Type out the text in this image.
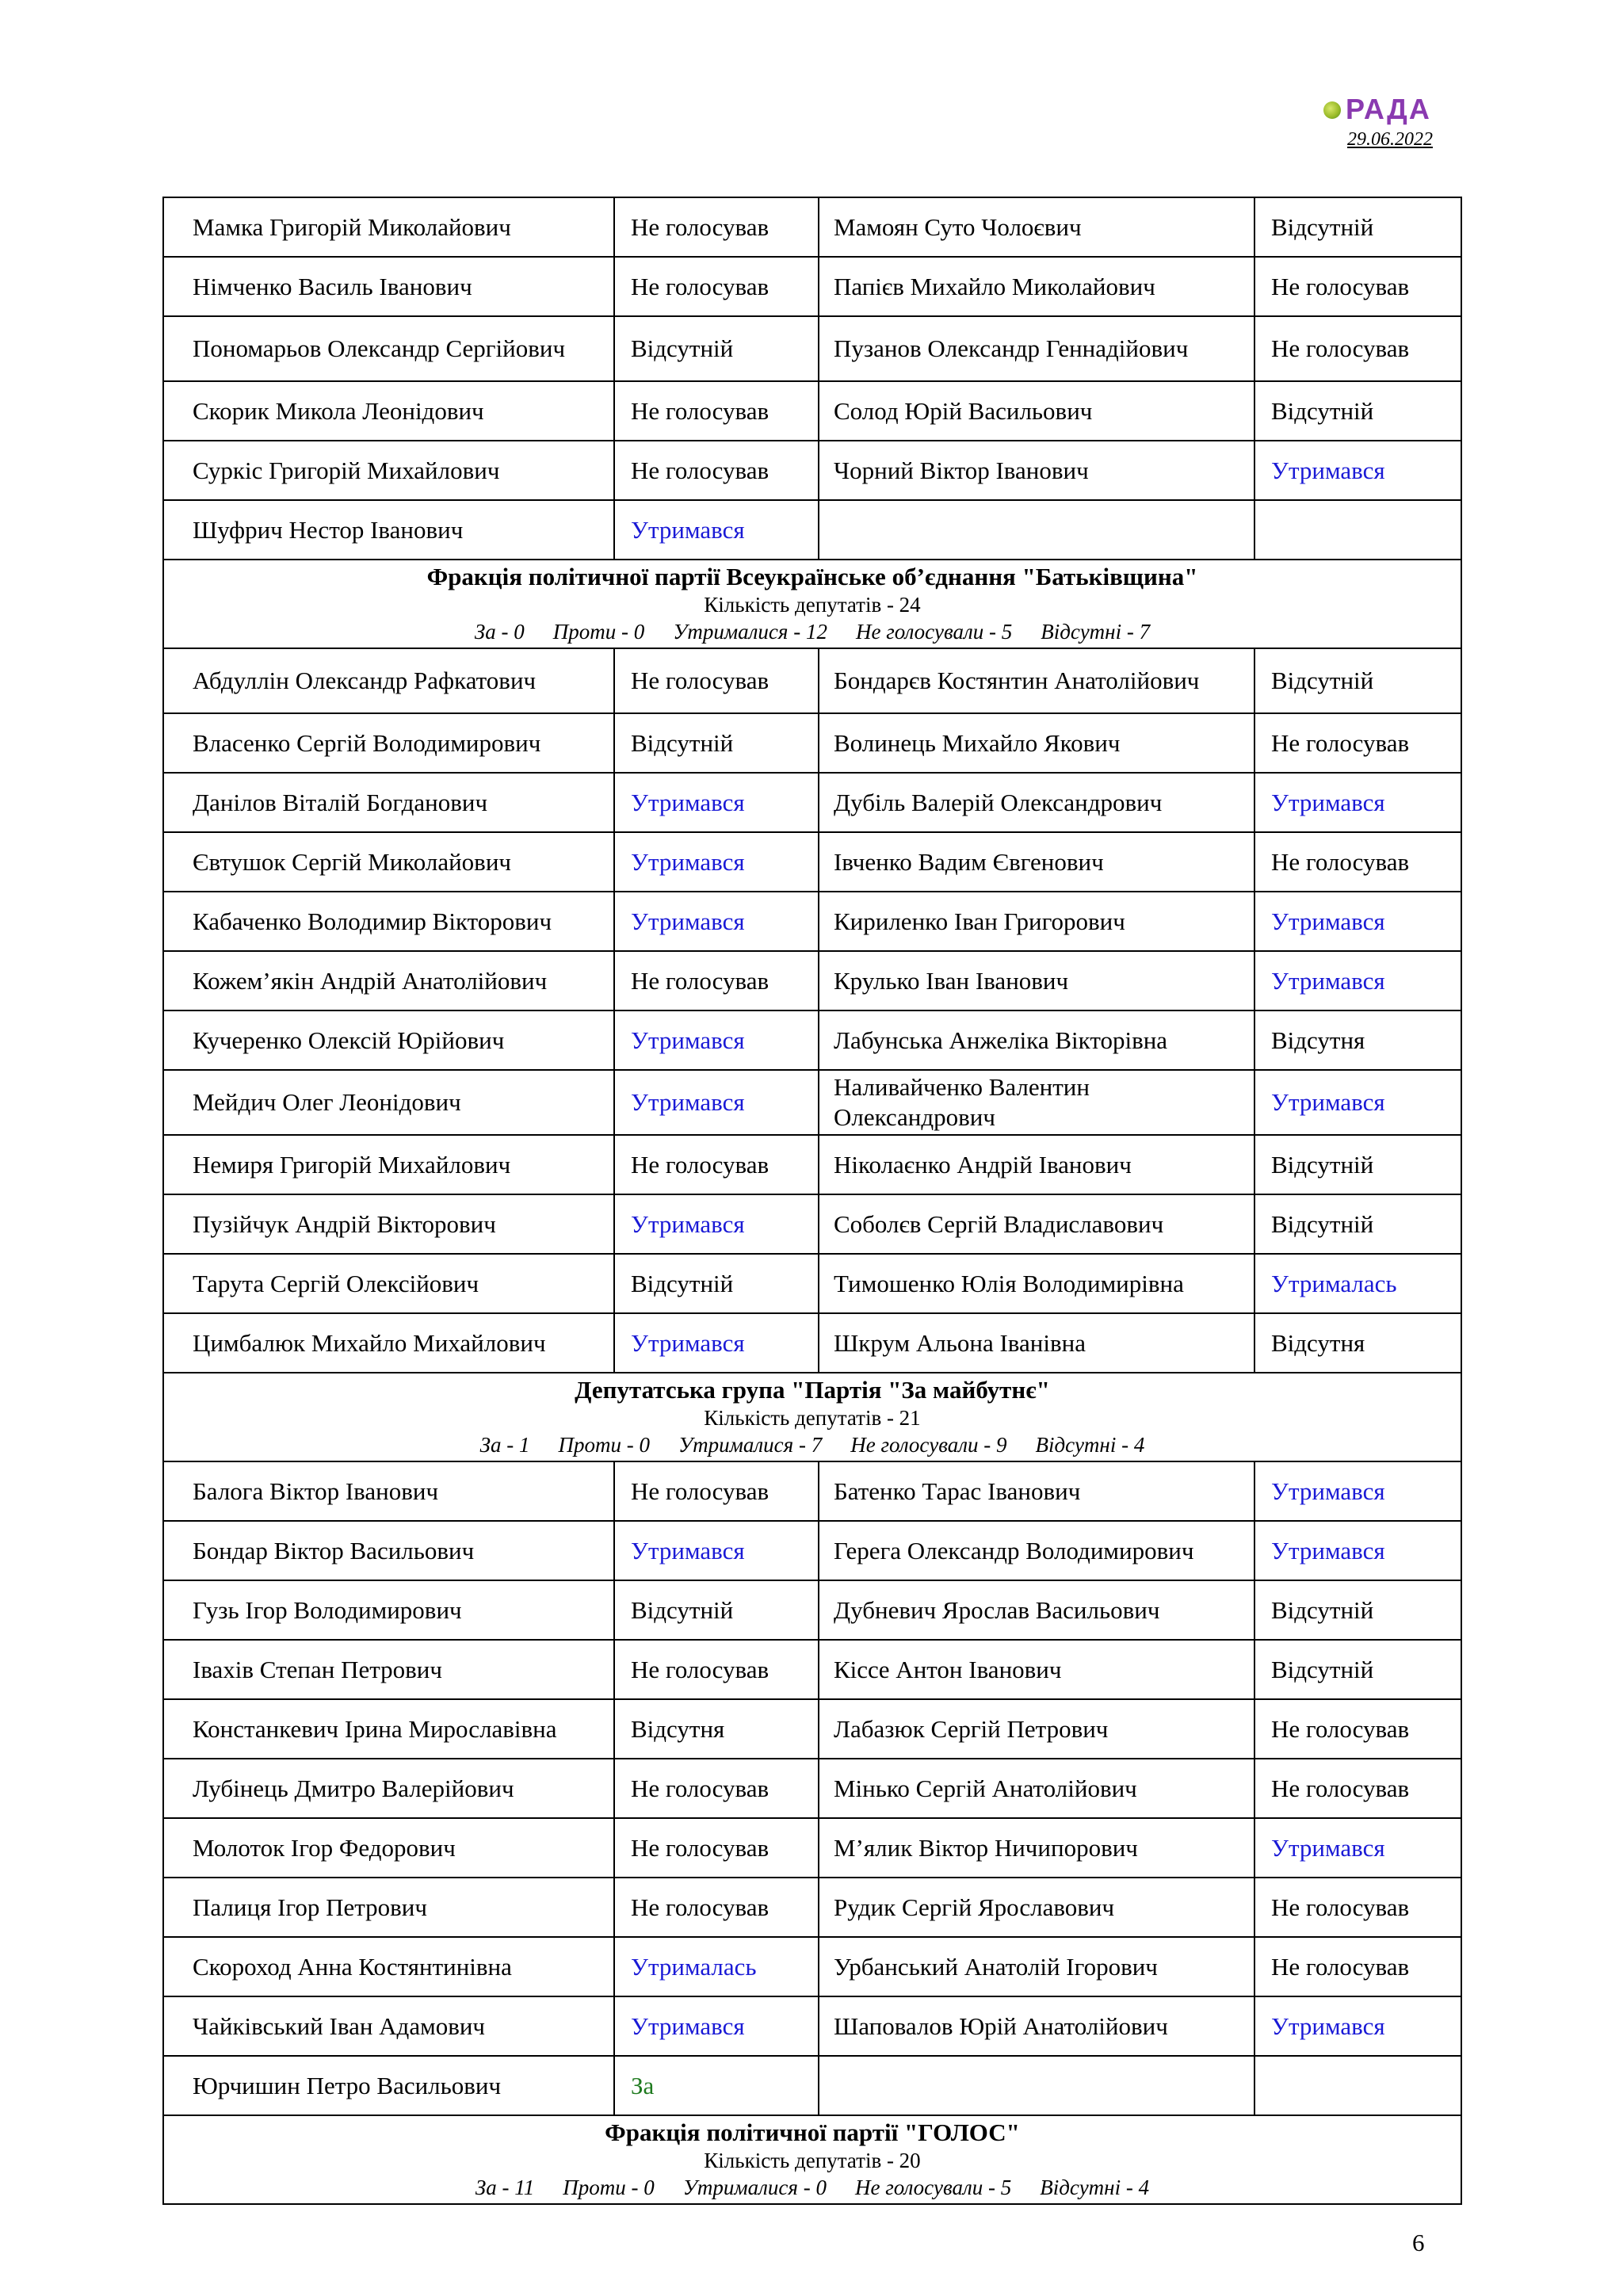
РАДА
29.06.2022
Мамка Григорій Миколайович	Не голосував	Мамоян Суто Чолоєвич	Відсутній

Німченко Василь Іванович	Не голосував	Папієв Михайло Миколайович	Не голосував

Пономарьов Олександр Сергійович	Відсутній	Пузанов Олександр Геннадійович	Не голосував

Скорик Микола Леонідович	Не голосував	Солод Юрій Васильович	Відсутній

Суркіс Григорій Михайлович	Не голосував	Чорний Віктор Іванович	Утримався

Шуфрич Нестор Іванович	Утримався		

Фракція політичної партії Всеукраїнське об’єднання "Батьківщина"
Кількість депутатів - 24
За - 0 Проти - 0 Утрималися - 12 Не голосували - 5 Відсутні - 7			

Абдуллін Олександр Рафкатович	Не голосував	Бондарєв Костянтин Анатолійович	Відсутній

Власенко Сергій Володимирович	Відсутній	Волинець Михайло Якович	Не голосував

Данілов Віталій Богданович	Утримався	Дубіль Валерій Олександрович	Утримався

Євтушок Сергій Миколайович	Утримався	Івченко Вадим Євгенович	Не голосував

Кабаченко Володимир Вікторович	Утримався	Кириленко Іван Григорович	Утримався

Кожем’якін Андрій Анатолійович	Не голосував	Крулько Іван Іванович	Утримався

Кучеренко Олексій Юрійович	Утримався	Лабунська Анжеліка Вікторівна	Відсутня

Мейдич Олег Леонідович	Утримався	Наливайченко Валентин Олександрович	Утримався

Немиря Григорій Михайлович	Не голосував	Ніколаєнко Андрій Іванович	Відсутній

Пузійчук Андрій Вікторович	Утримався	Соболєв Сергій Владиславович	Відсутній

Тарута Сергій Олексійович	Відсутній	Тимошенко Юлія Володимирівна	Утрималась

Цимбалюк Михайло Михайлович	Утримався	Шкрум Альона Іванівна	Відсутня

Депутатська група "Партія "За майбутнє"
Кількість депутатів - 21
За - 1 Проти - 0 Утрималися - 7 Не голосували - 9 Відсутні - 4			

Балога Віктор Іванович	Не голосував	Батенко Тарас Іванович	Утримався

Бондар Віктор Васильович	Утримався	Герега Олександр Володимирович	Утримався

Гузь Ігор Володимирович	Відсутній	Дубневич Ярослав Васильович	Відсутній

Івахів Степан Петрович	Не голосував	Кісcе Антон Іванович	Відсутній

Констанкевич Ірина Мирославівна	Відсутня	Лабазюк Сергій Петрович	Не голосував

Лубінець Дмитро Валерійович	Не голосував	Мінько Сергій Анатолійович	Не голосував

Молоток Ігор Федорович	Не голосував	М’ялик Віктор Ничипорович	Утримався

Палиця Ігор Петрович	Не голосував	Рудик Сергій Ярославович	Не голосував

Скороход Анна Костянтинівна	Утрималась	Урбанський Анатолій Ігорович	Не голосував

Чайківський Іван Адамович	Утримався	Шаповалов Юрій Анатолійович	Утримався

Юрчишин Петро Васильович	За		

Фракція політичної партії "ГОЛОС"
Кількість депутатів - 20
За - 11 Проти - 0 Утрималися - 0 Не голосували - 5 Відсутні - 4			
6
